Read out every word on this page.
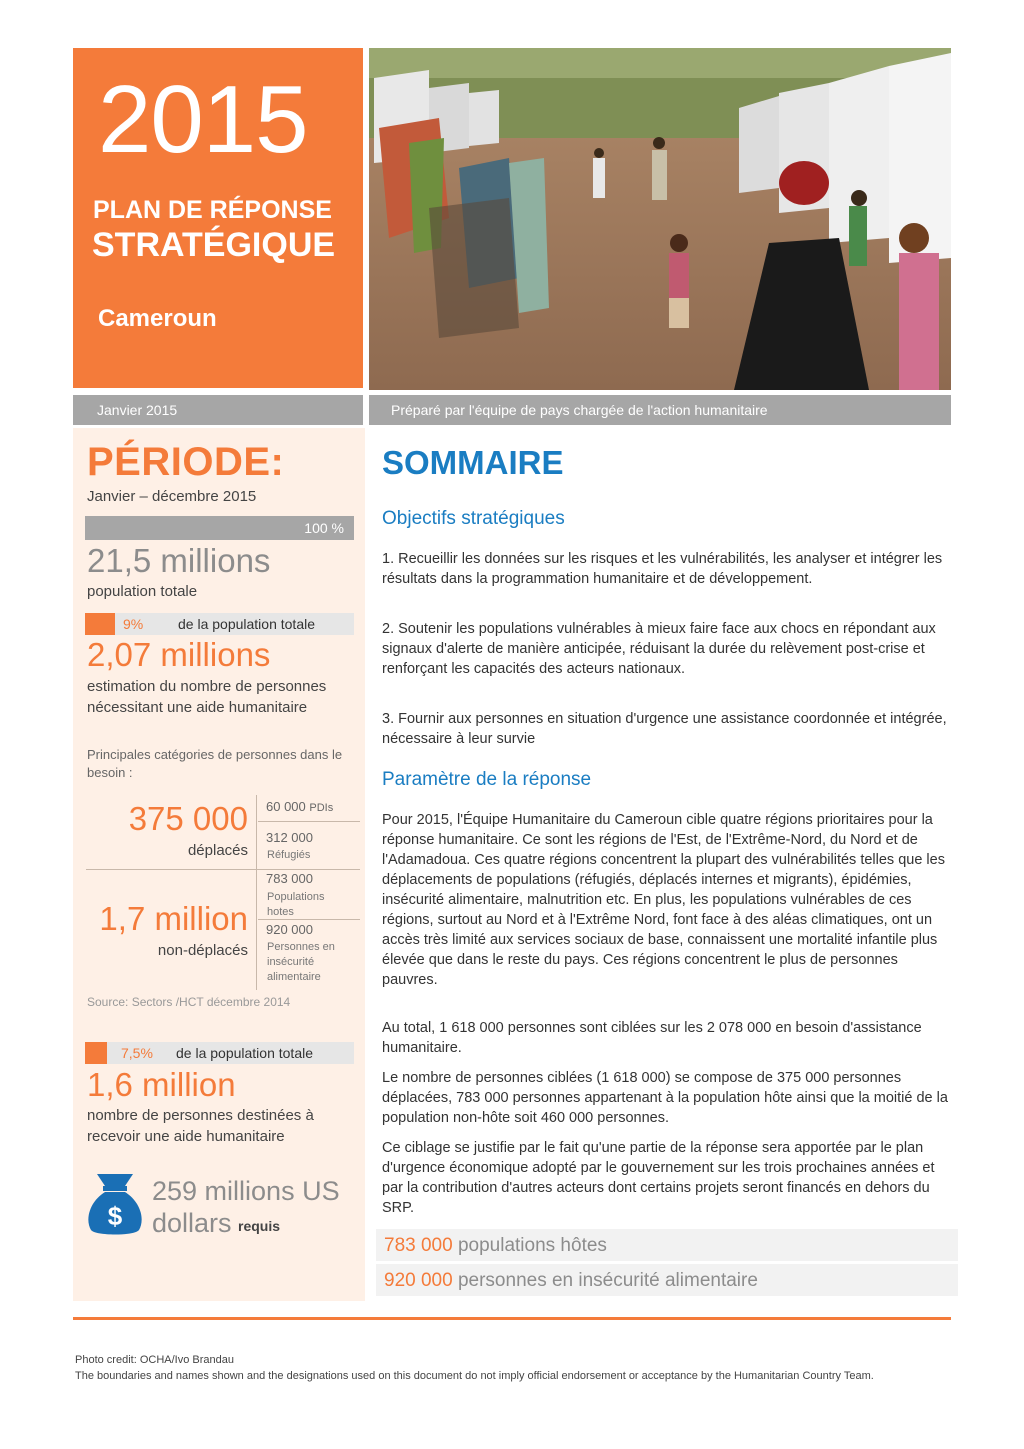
2015
PLAN DE RÉPONSE
STRATÉGIQUE
Cameroun
Janvier 2015	Préparé par l'équipe de pays chargée de l'action humanitaire
PÉRIODE:
Janvier – décembre 2015
100 %
21,5 millions
population totale
9% de la population totale
2,07 millions
estimation du nombre de personnes nécessitant une aide humanitaire
Principales catégories de personnes dans le besoin :
375 000
déplacés
1,7 million
non-déplacés
60 000 PDIs
312 000
Réfugiés
783 000
Populations hotes
920 000
Personnes en insécurité alimentaire
Source: Sectors /HCT décembre 2014
7,5% de la population totale
1,6 million
nombre de personnes destinées à recevoir une aide humanitaire
$
259 millions US
dollars requis
SOMMAIRE
Objectifs stratégiques
1. Recueillir les données sur les risques et les vulnérabilités, les analyser et intégrer les résultats dans la programmation humanitaire et de développement.
2. Soutenir les populations vulnérables à mieux faire face aux chocs en répondant aux signaux d'alerte de manière anticipée, réduisant la durée du relèvement post-crise et renforçant les capacités des acteurs nationaux.
3. Fournir aux personnes en situation d'urgence une assistance coordonnée et intégrée, nécessaire à leur survie
Paramètre de la réponse
Pour 2015, l'Équipe Humanitaire du Cameroun cible quatre régions prioritaires pour la réponse humanitaire. Ce sont les régions de l'Est, de l'Extrême-Nord, du Nord et de l'Adamadoua. Ces quatre régions concentrent la plupart des vulnérabilités telles que les déplacements de populations (réfugiés, déplacés internes et migrants), épidémies, insécurité alimentaire, malnutrition etc. En plus, les populations vulnérables de ces régions, surtout au Nord et à l'Extrême Nord, font face à des aléas climatiques, ont un accès très limité aux services sociaux de base, connaissent une mortalité infantile plus élevée que dans le reste du pays. Ces régions concentrent le plus de personnes pauvres.
Au total, 1 618 000 personnes sont ciblées sur les 2 078 000 en besoin d'assistance humanitaire.
Le nombre de personnes ciblées (1 618 000) se compose de 375 000 personnes déplacées, 783 000 personnes appartenant à la population hôte ainsi que la moitié de la population non-hôte soit 460 000 personnes.
Ce ciblage se justifie par le fait qu'une partie de la réponse sera apportée par le plan d'urgence économique adopté par le gouvernement sur les trois prochaines années et par la contribution d'autres acteurs dont certains projets seront financés en dehors du SRP.
783 000 populations hôtes
920 000 personnes en insécurité alimentaire
Photo credit: OCHA/Ivo Brandau
The boundaries and names shown and the designations used on this document do not imply official endorsement or acceptance by the Humanitarian Country Team.
